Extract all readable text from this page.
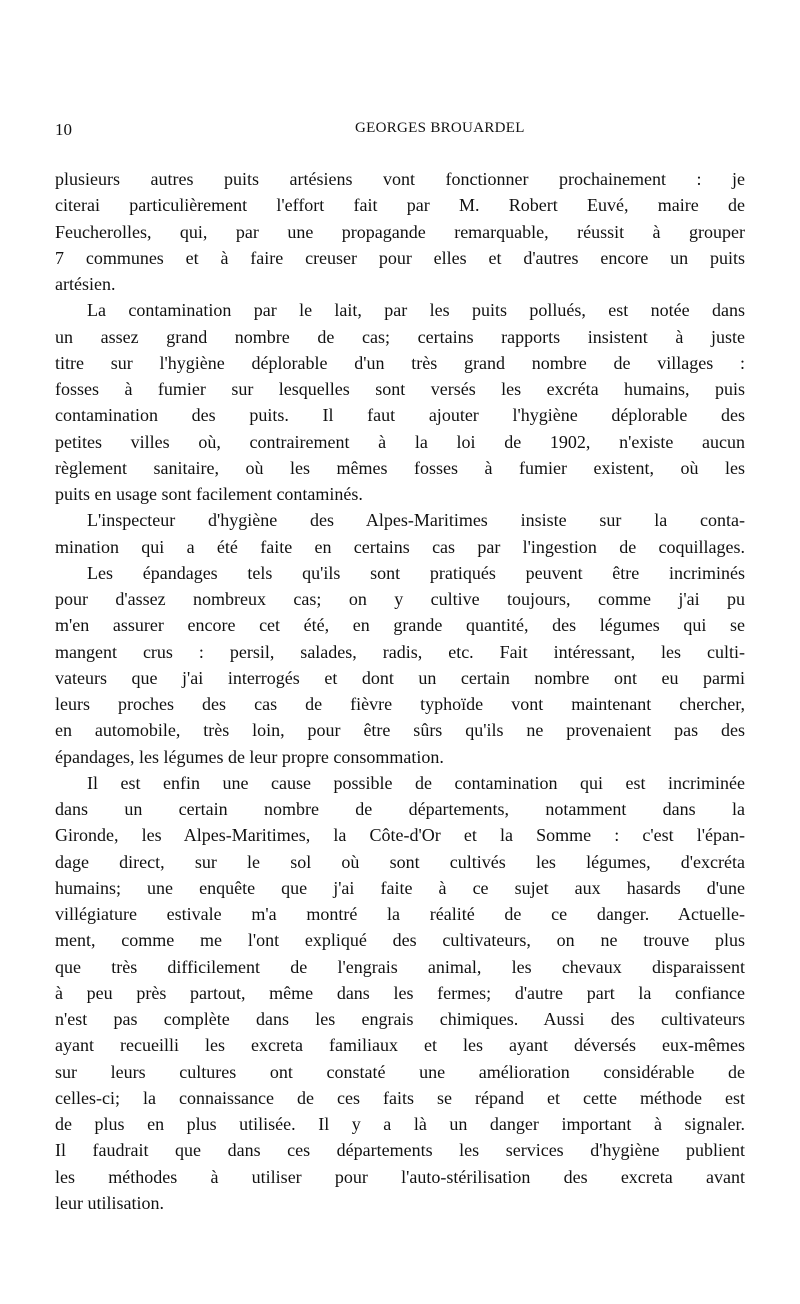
10	GEORGES BROUARDEL
plusieurs autres puits artésiens vont fonctionner prochainement : je
citerai particulièrement l'effort fait par M. Robert Euvé, maire de
Feucherolles, qui, par une propagande remarquable, réussit à grouper
7 communes et à faire creuser pour elles et d'autres encore un puits
artésien.
La contamination par le lait, par les puits pollués, est notée dans
un assez grand nombre de cas; certains rapports insistent à juste
titre sur l'hygiène déplorable d'un très grand nombre de villages :
fosses à fumier sur lesquelles sont versés les excréta humains, puis
contamination des puits. Il faut ajouter l'hygiène déplorable des
petites villes où, contrairement à la loi de 1902, n'existe aucun
règlement sanitaire, où les mêmes fosses à fumier existent, où les
puits en usage sont facilement contaminés.
L'inspecteur d'hygiène des Alpes-Maritimes insiste sur la conta-
mination qui a été faite en certains cas par l'ingestion de coquillages.
Les épandages tels qu'ils sont pratiqués peuvent être incriminés
pour d'assez nombreux cas; on y cultive toujours, comme j'ai pu
m'en assurer encore cet été, en grande quantité, des légumes qui se
mangent crus : persil, salades, radis, etc. Fait intéressant, les culti-
vateurs que j'ai interrogés et dont un certain nombre ont eu parmi
leurs proches des cas de fièvre typhoïde vont maintenant chercher,
en automobile, très loin, pour être sûrs qu'ils ne provenaient pas des
épandages, les légumes de leur propre consommation.
Il est enfin une cause possible de contamination qui est incriminée
dans un certain nombre de départements, notamment dans la
Gironde, les Alpes-Maritimes, la Côte-d'Or et la Somme : c'est l'épan-
dage direct, sur le sol où sont cultivés les légumes, d'excréta
humains; une enquête que j'ai faite à ce sujet aux hasards d'une
villégiature estivale m'a montré la réalité de ce danger. Actuelle-
ment, comme me l'ont expliqué des cultivateurs, on ne trouve plus
que très difficilement de l'engrais animal, les chevaux disparaissent
à peu près partout, même dans les fermes; d'autre part la confiance
n'est pas complète dans les engrais chimiques. Aussi des cultivateurs
ayant recueilli les excreta familiaux et les ayant déversés eux-mêmes
sur leurs cultures ont constaté une amélioration considérable de
celles-ci; la connaissance de ces faits se répand et cette méthode est
de plus en plus utilisée. Il y a là un danger important à signaler.
Il faudrait que dans ces départements les services d'hygiène publient
les méthodes à utiliser pour l'auto-stérilisation des excreta avant
leur utilisation.
